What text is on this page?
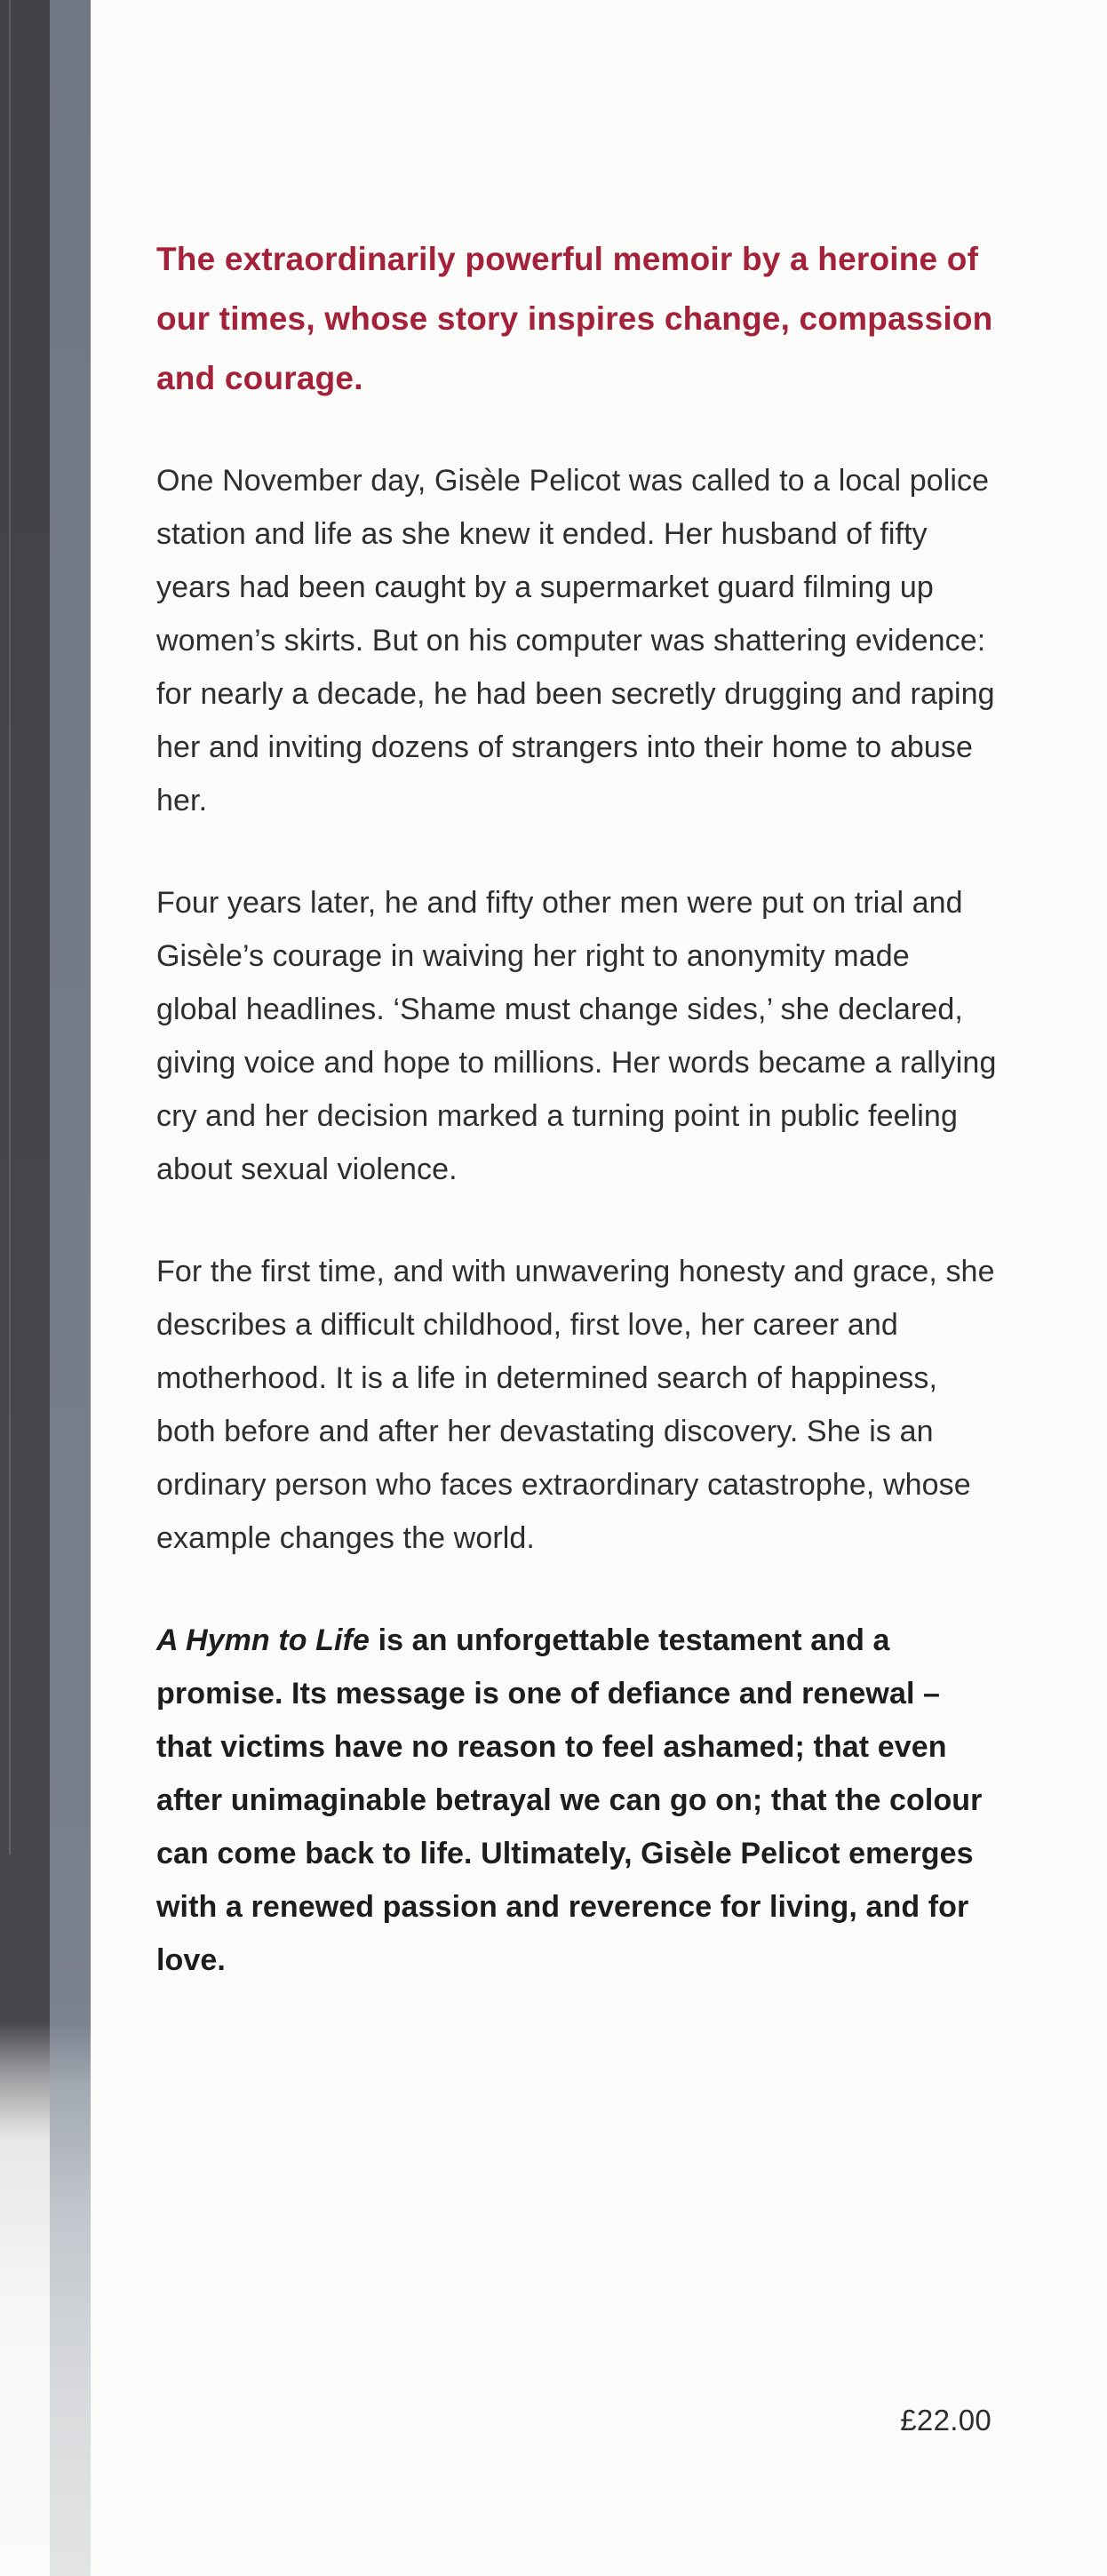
The extraordinarily powerful memoir by a heroine of our times, whose story inspires change, compassion and courage.

One November day, Gisèle Pelicot was called to a local police station and life as she knew it ended. Her husband of fifty years had been caught by a supermarket guard filming up women’s skirts. But on his computer was shattering evidence: for nearly a decade, he had been secretly drugging and raping her and inviting dozens of strangers into their home to abuse her.

Four years later, he and fifty other men were put on trial and Gisèle’s courage in waiving her right to anonymity made global headlines. ‘Shame must change sides,’ she declared, giving voice and hope to millions. Her words became a rallying cry and her decision marked a turning point in public feeling about sexual violence.

For the first time, and with unwavering honesty and grace, she describes a difficult childhood, first love, her career and motherhood. It is a life in determined search of happiness, both before and after her devastating discovery. She is an ordinary person who faces extraordinary catastrophe, whose example changes the world.

A Hymn to Life is an unforgettable testament and a promise. Its message is one of defiance and renewal – that victims have no reason to feel ashamed; that even after unimaginable betrayal we can go on; that the colour can come back to life. Ultimately, Gisèle Pelicot emerges with a renewed passion and reverence for living, and for love.

£22.00
